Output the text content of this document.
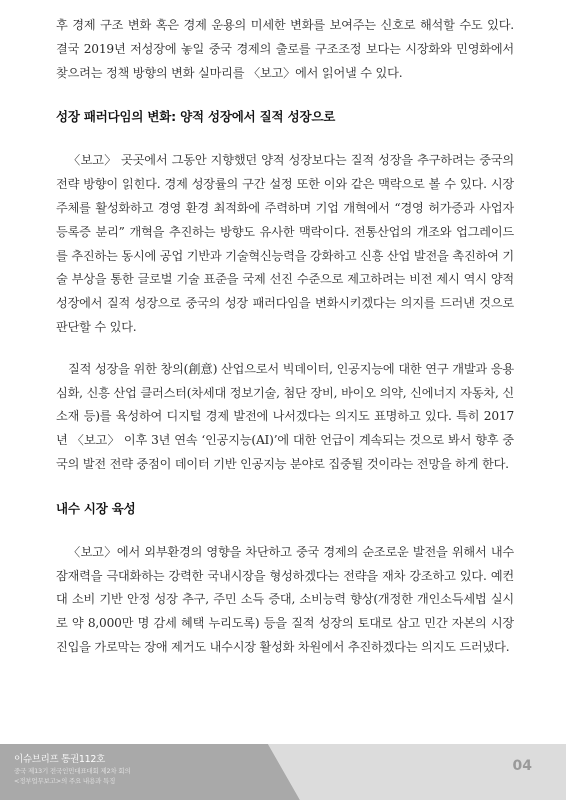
후 경제 구조 변화 혹은 경제 운용의 미세한 변화를 보여주는 신호로 해석할 수도 있다. 결국 2019년 저성장에 놓일 중국 경제의 출로를 구조조정 보다는 시장화와 민영화에서 찾으려는 정책 방향의 변화 실마리를 〈보고〉에서 읽어낼 수 있다.

성장 패러다임의 변화: 양적 성장에서 질적 성장으로

〈보고〉 곳곳에서 그동안 지향했던 양적 성장보다는 질적 성장을 추구하려는 중국의 전략 방향이 읽힌다. 경제 성장률의 구간 설정 또한 이와 같은 맥락으로 볼 수 있다. 시장 주체를 활성화하고 경영 환경 최적화에 주력하며 기업 개혁에서 “경영 허가증과 사업자 등록증 분리” 개혁을 추진하는 방향도 유사한 맥락이다. 전통산업의 개조와 업그레이드를 추진하는 동시에 공업 기반과 기술혁신능력을 강화하고 신흥 산업 발전을 촉진하여 기술 부상을 통한 글로벌 기술 표준을 국제 선진 수준으로 제고하려는 비전 제시 역시 양적 성장에서 질적 성장으로 중국의 성장 패러다임을 변화시키겠다는 의지를 드러낸 것으로 판단할 수 있다.

질적 성장을 위한 창의(創意) 산업으로서 빅데이터, 인공지능에 대한 연구 개발과 응용 심화, 신흥 산업 클러스터(차세대 정보기술, 첨단 장비, 바이오 의약, 신에너지 자동차, 신소재 등)를 육성하여 디지털 경제 발전에 나서겠다는 의지도 표명하고 있다. 특히 2017년 〈보고〉 이후 3년 연속 ‘인공지능(AI)’에 대한 언급이 계속되는 것으로 봐서 향후 중국의 발전 전략 중점이 데이터 기반 인공지능 분야로 집중될 것이라는 전망을 하게 한다.

내수 시장 육성

〈보고〉에서 외부환경의 영향을 차단하고 중국 경제의 순조로운 발전을 위해서 내수 잠재력을 극대화하는 강력한 국내시장을 형성하겠다는 전략을 재차 강조하고 있다. 예컨대 소비 기반 안정 성장 추구, 주민 소득 증대, 소비능력 향상(개정한 개인소득세법 실시로 약 8,000만 명 감세 혜택 누리도록) 등을 질적 성장의 토대로 삼고 민간 자본의 시장 진입을 가로막는 장애 제거도 내수시장 활성화 차원에서 추진하겠다는 의지도 드러냈다.

이슈브리프 통권112호
중국 제13기 전국인민대표대회 제2차 회의
<정부업무보고>의 주요 내용과 특징
04
